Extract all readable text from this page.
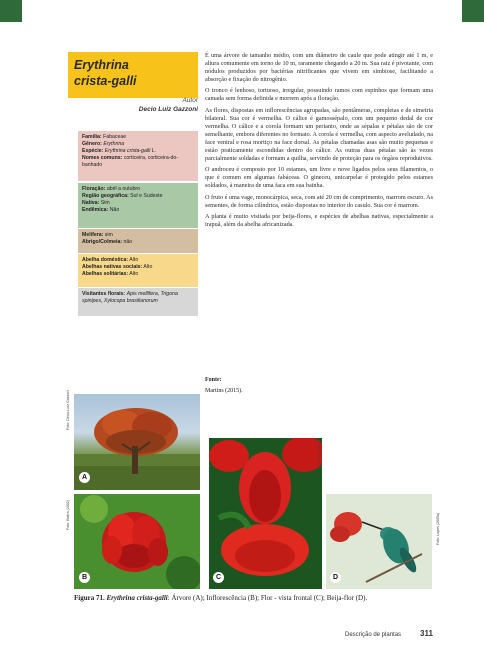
Erythrina
crista-galli
Autor
Decio Luiz Gazzoni
Família: Fabaceae
Gênero: Erythrina
Espécie: Erythrina crista-galli L.
Nomes comuns: corticeira, corticeira-do-banhado
Floração: abril a outubro
Região geográfica: Sul e Sudeste
Nativa: Sim
Endêmica: Não
Melífera: sim
Abrigo/Colmeia: não
Abelha doméstica: Alto
Abelhas nativas sociais: Alto
Abelhas solitárias: Alto
Visitantes florais: Apis mellifera, Trigona spinipes, Xylocopa brasilianorum

É uma árvore de tamanho médio, com um diâmetro de caule que pode atingir até 1 m, e altura comumente em torno de 10 m, raramente chegando a 20 m. Sua raiz é pivotante, com nódulos produzidos por bactérias nitrificantes que vivem em simbiose, facilitando a absorção e fixação do nitrogênio.

O tronco é lenhoso, tortuoso, irregular, possuindo ramos com espinhos que formam uma camada sem forma definida e morrem após a floração.

As flores, dispostas em inflorescências agrupadas, são pentâmeras, completas e de simetria bilateral. Sua cor é vermelha. O cálice é gamossépalo, com um pequeno dedal de cor vermelha. O cálice e a corola formam um perianto, onde as sépalas e pétalas são de cor semelhante, embora diferentes no formato. A corola é vermelha, com aspecto aveludado, na face ventral e rosa mortiço na face dorsal. As pétalas chamadas asas são muito pequenas e estão praticamente escondidas dentro do cálice. As outras duas pétalas são às vezes parcialmente soldadas e formam a quilha, servindo de proteção para os órgãos reprodutivos.

O androceu é composto por 10 estames, um livre e nove ligados pelos seus filamentos, o que é comum em algumas fabáceas. O gineceu, unicarpelar é protegido pelos estames soldados, à maneira de uma faca em sua bainha.

O fruto é uma vage, monocárpica, seca, com até 20 cm de comprimento, marrom escuro. As sementes, de forma cilíndrica, estão dispostas no interior do casulo. Sua cor é marrom.

A planta é muito visitada por beija-flores, e espécies de abelhas nativas, especialmente a irapuã, além da abelha africanizada.

Fonte:
Martins (2015).
A
Foto: Décio Luiz Gazzoni
B
Foto: Biafra (2002)
C
Foto: FAU (2009)
D
Foto: Lopes (2005a)
Figura 71. Erythrina crista-galli: Árvore (A); Inflorescência (B); Flor - vista frontal (C); Beija-flor (D).
Descrição de plantas 311
